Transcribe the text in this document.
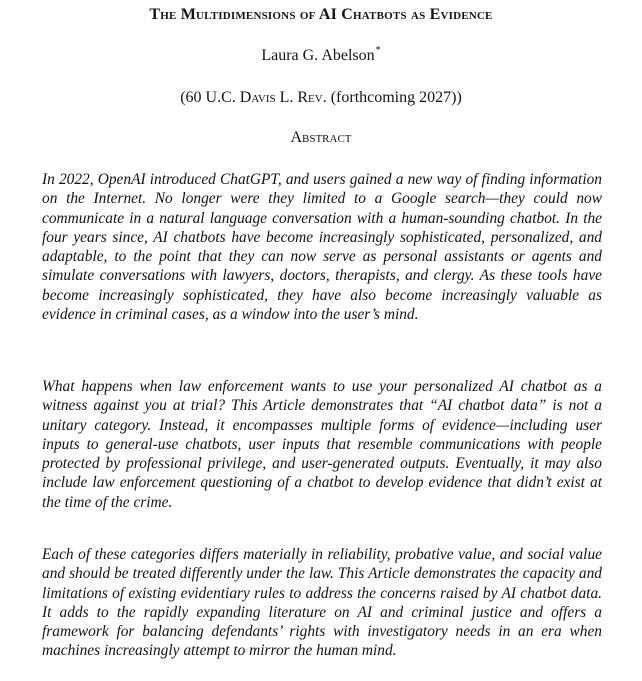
The Multidimensions of AI Chatbots as Evidence
Laura G. Abelson*
(60 U.C. Davis L. Rev. (forthcoming 2027))
Abstract

In 2022, OpenAI introduced ChatGPT, and users gained a new way of finding information on the Internet. No longer were they limited to a Google search—they could now communicate in a natural language conversation with a human-sounding chatbot. In the four years since, AI chatbots have become increasingly sophisticated, personalized, and adaptable, to the point that they can now serve as personal assistants or agents and simulate conversations with lawyers, doctors, therapists, and clergy. As these tools have become increasingly sophisticated, they have also become increasingly valuable as evidence in criminal cases, as a window into the user’s mind.

What happens when law enforcement wants to use your personalized AI chatbot as a witness against you at trial? This Article demonstrates that “AI chatbot data” is not a unitary category. Instead, it encompasses multiple forms of evidence—including user inputs to general-use chatbots, user inputs that resemble communications with people protected by professional privilege, and user-generated outputs. Eventually, it may also include law enforcement questioning of a chatbot to develop evidence that didn’t exist at the time of the crime.

Each of these categories differs materially in reliability, probative value, and social value and should be treated differently under the law. This Article demonstrates the capacity and limitations of existing evidentiary rules to address the concerns raised by AI chatbot data. It adds to the rapidly expanding literature on AI and criminal justice and offers a framework for balancing defendants’ rights with investigatory needs in an era when machines increasingly attempt to mirror the human mind.
